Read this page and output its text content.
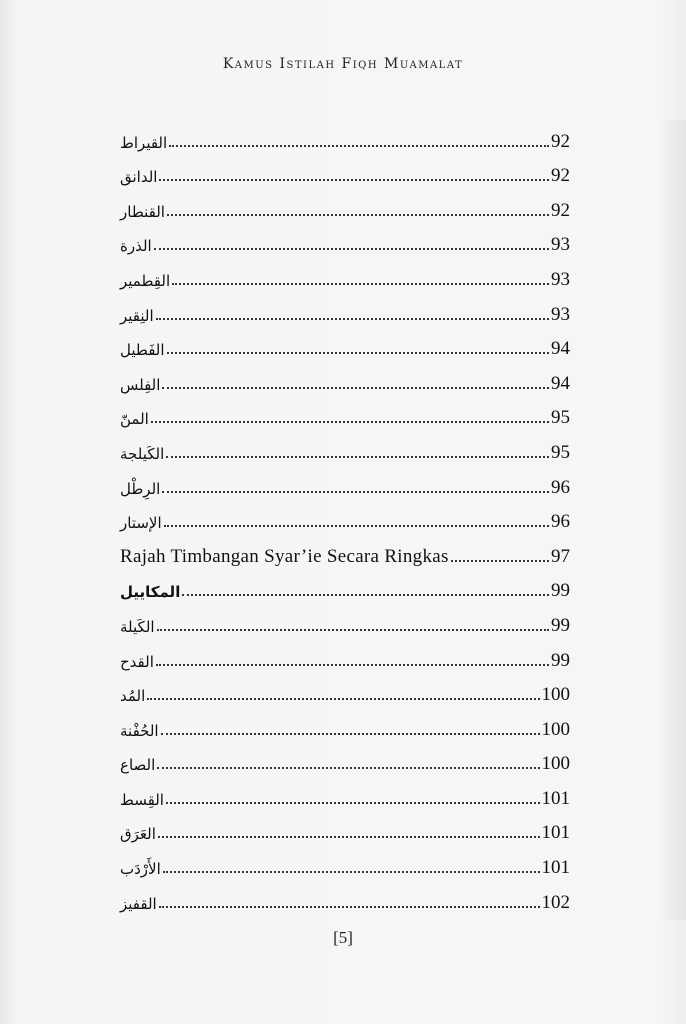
Kamus Istilah Fiqh Muamalat
القيراط	92
الدانق	92
القنطار	92
الذرة	93
القِطمير	93
النِقير	93
الفَطيل	94
الفِلس	94
المنّ	95
الكَيلجة	95
الرِطْل	96
الإستار	96
Rajah Timbangan Syar’ie Secara Ringkas	97
المكاييل	99
الكَيلة	99
القدح	99
المُد	100
الحُفْنة	100
الصاع	100
القِسط	101
العَرَق	101
الأَرْدَب	101
القفيز	102
[5]
